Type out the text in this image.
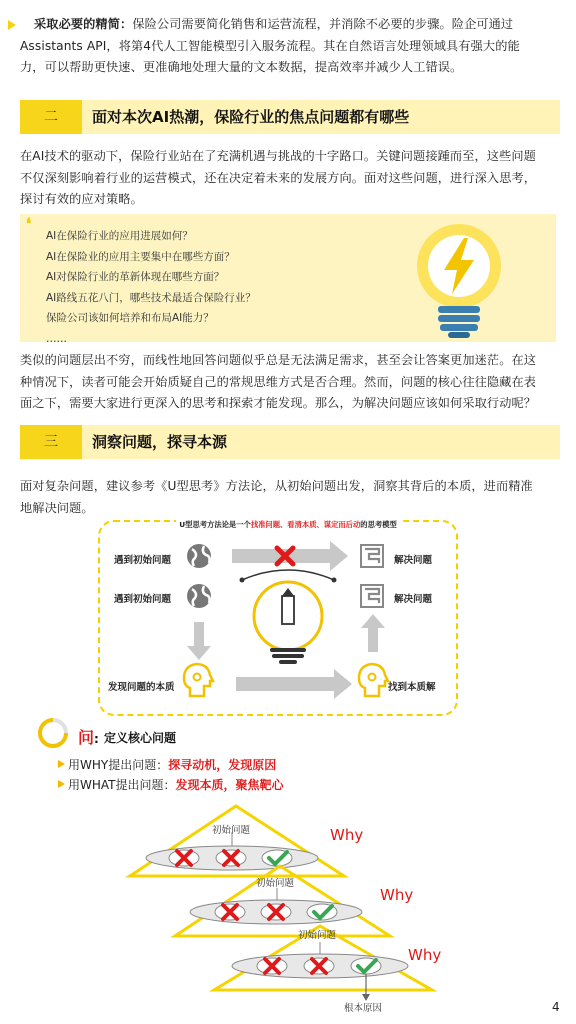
采取必要的精简：保险公司需要简化销售和运营流程，并消除不必要的步骤。险企可通过
Assistants API，将第4代人工智能模型引入服务流程。其在自然语言处理领域具有强大的能
力，可以帮助更快速、更准确地处理大量的文本数据，提高效率并减少人工错误。
二	面对本次AI热潮，保险行业的焦点问题都有哪些
在AI技术的驱动下，保险行业站在了充满机遇与挑战的十字路口。关键问题接踵而至，这些问题
不仅深刻影响着行业的运营模式，还在决定着未来的发展方向。面对这些问题，进行深入思考，
探讨有效的应对策略。
❛
AI在保险行业的应用进展如何？
AI在保险业的应用主要集中在哪些方面？
AI对保险行业的革新体现在哪些方面？
AI路线五花八门，哪些技术最适合保险行业？
保险公司该如何培养和布局AI能力？
……
类似的问题层出不穷，而线性地回答问题似乎总是无法满足需求，甚至会让答案更加迷茫。在这
种情况下，读者可能会开始质疑自己的常规思维方式是否合理。然而，问题的核心往往隐藏在表
面之下，需要大家进行更深入的思考和探索才能发现。那么，为解决问题应该如何采取行动呢？
三	洞察问题，探寻本源
面对复杂问题，建议参考《U型思考》方法论，从初始问题出发，洞察其背后的本质，进而精准
地解决问题。
U型思考方法论是一个找准问题、看清本质、谋定而后动的思考模型
遇到初始问题
遇到初始问题
解决问题
解决问题
发现问题的本质	找到本质解
问: 定义核心问题
用WHY提出问题：探寻动机，发现原因
用WHAT提出问题：发现本质，聚焦靶心
初始问题
初始问题
初始问题
Why
Why
Why
根本原因	4
